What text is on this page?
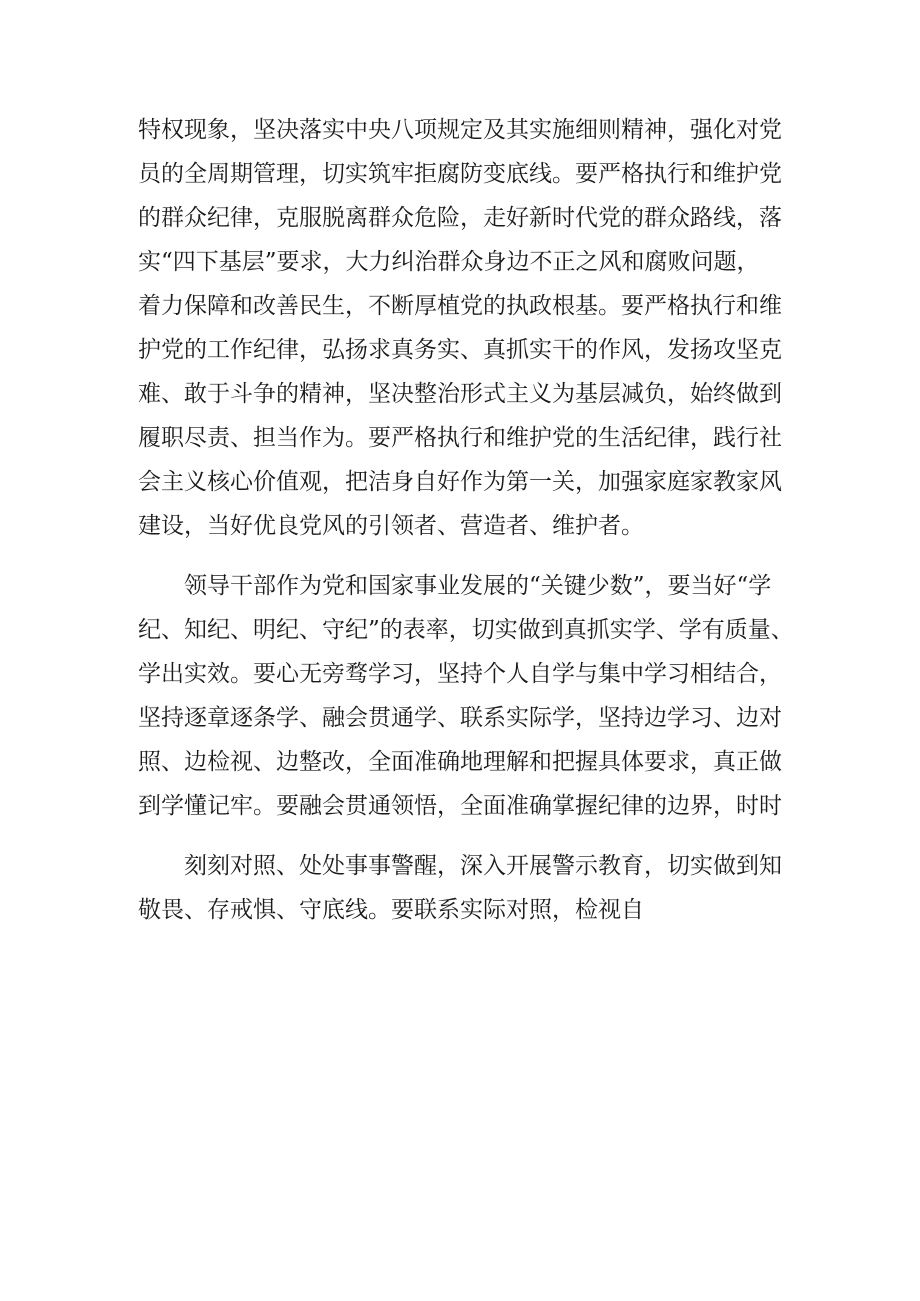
特权现象，坚决落实中央八项规定及其实施细则精神，强化对党
员的全周期管理，切实筑牢拒腐防变底线。要严格执行和维护党
的群众纪律，克服脱离群众危险，走好新时代党的群众路线，落
实“四下基层”要求，大力纠治群众身边不正之风和腐败问题，
着力保障和改善民生，不断厚植党的执政根基。要严格执行和维
护党的工作纪律，弘扬求真务实、真抓实干的作风，发扬攻坚克
难、敢于斗争的精神，坚决整治形式主义为基层减负，始终做到
履职尽责、担当作为。要严格执行和维护党的生活纪律，践行社
会主义核心价值观，把洁身自好作为第一关，加强家庭家教家风
建设，当好优良党风的引领者、营造者、维护者。
领导干部作为党和国家事业发展的“关键少数”，要当好“学
纪、知纪、明纪、守纪”的表率，切实做到真抓实学、学有质量、
学出实效。要心无旁骛学习，坚持个人自学与集中学习相结合，
坚持逐章逐条学、融会贯通学、联系实际学，坚持边学习、边对
照、边检视、边整改，全面准确地理解和把握具体要求，真正做
到学懂记牢。要融会贯通领悟，全面准确掌握纪律的边界，时时
刻刻对照、处处事事警醒，深入开展警示教育，切实做到知
敬畏、存戒惧、守底线。要联系实际对照，检视自
